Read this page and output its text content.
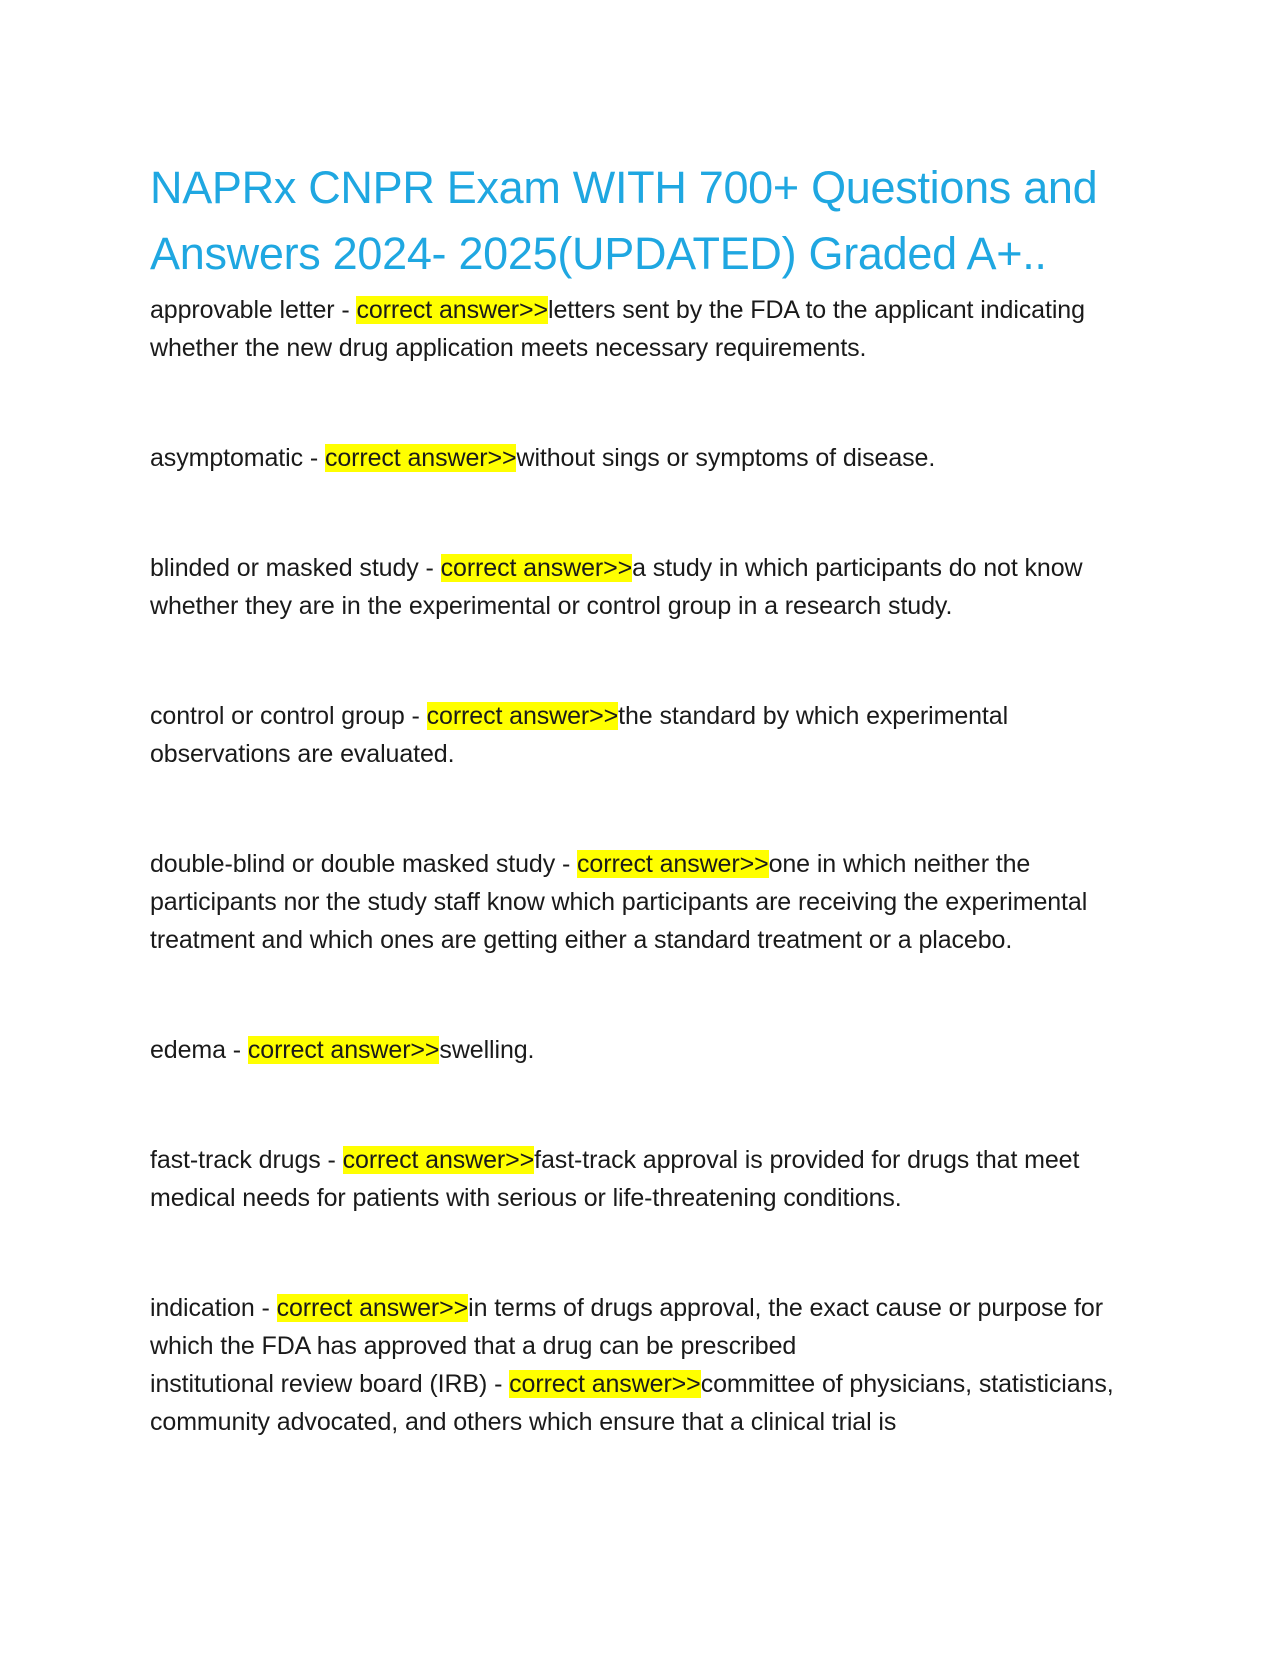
NAPRx CNPR Exam WITH 700+ Questions and Answers 2024- 2025(UPDATED) Graded A+..

approvable letter - correct answer>>letters sent by the FDA to the applicant indicating whether the new drug application meets necessary requirements.

asymptomatic - correct answer>>without sings or symptoms of disease.

blinded or masked study - correct answer>>a study in which participants do not know whether they are in the experimental or control group in a research study.

control or control group - correct answer>>the standard by which experimental observations are evaluated.

double-blind or double masked study - correct answer>>one in which neither the participants nor the study staff know which participants are receiving the experimental treatment and which ones are getting either a standard treatment or a placebo.

edema - correct answer>>swelling.

fast-track drugs - correct answer>>fast-track approval is provided for drugs that meet medical needs for patients with serious or life-threatening conditions.

indication - correct answer>>in terms of drugs approval, the exact cause or purpose for which the FDA has approved that a drug can be prescribed

institutional review board (IRB) - correct answer>>committee of physicians, statisticians, community advocated, and others which ensure that a clinical trial is
